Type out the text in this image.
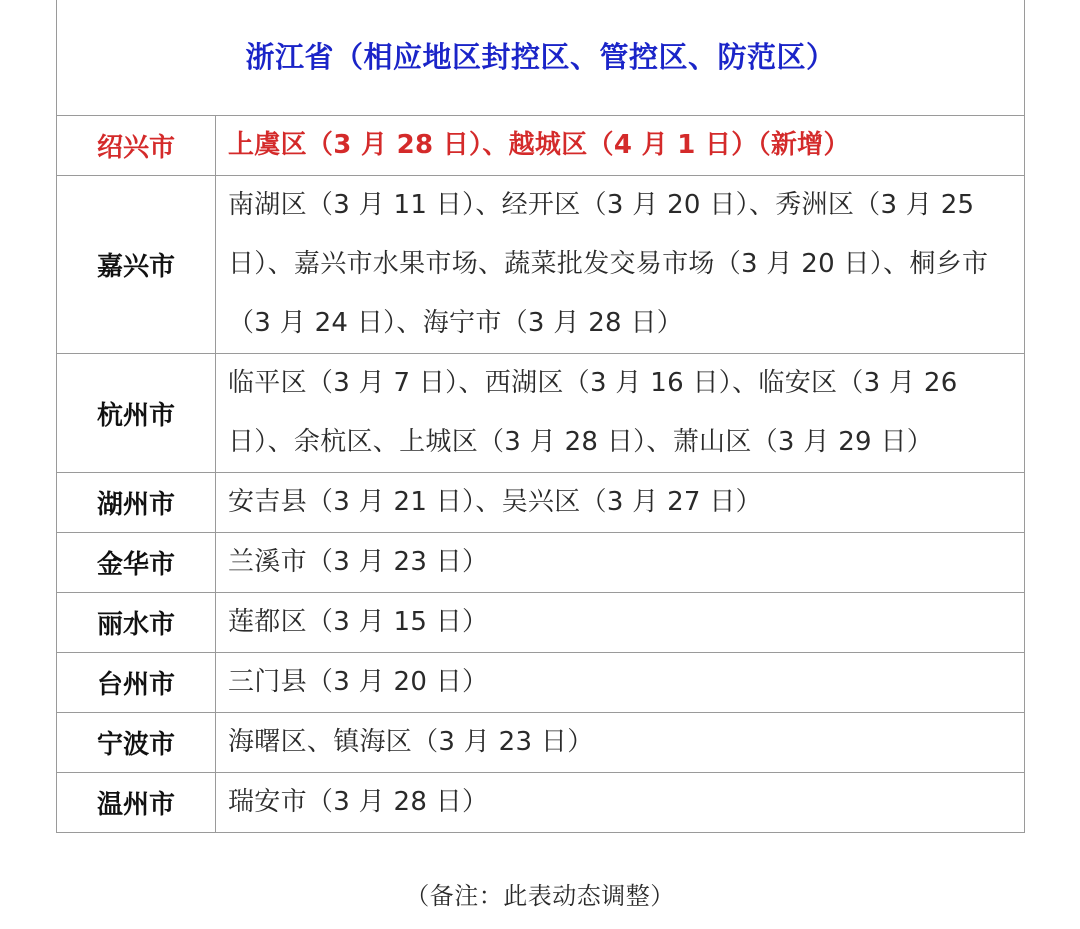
浙江省（相应地区封控区、管控区、防范区）
绍兴市	上虞区（3 月 28 日）、越城区（4 月 1 日）（新增）
嘉兴市	南湖区（3 月 11 日）、经开区（3 月 20 日）、秀洲区（3 月 25 日）、嘉兴市水果市场、蔬菜批发交易市场（3 月 20 日）、桐乡市（3 月 24 日）、海宁市（3 月 28 日）
杭州市	临平区（3 月 7 日）、西湖区（3 月 16 日）、临安区（3 月 26 日）、余杭区、上城区（3 月 28 日）、萧山区（3 月 29 日）
湖州市	安吉县（3 月 21 日）、吴兴区（3 月 27 日）
金华市	兰溪市（3 月 23 日）
丽水市	莲都区（3 月 15 日）
台州市	三门县（3 月 20 日）
宁波市	海曙区、镇海区（3 月 23 日）
温州市	瑞安市（3 月 28 日）
（备注：此表动态调整）
